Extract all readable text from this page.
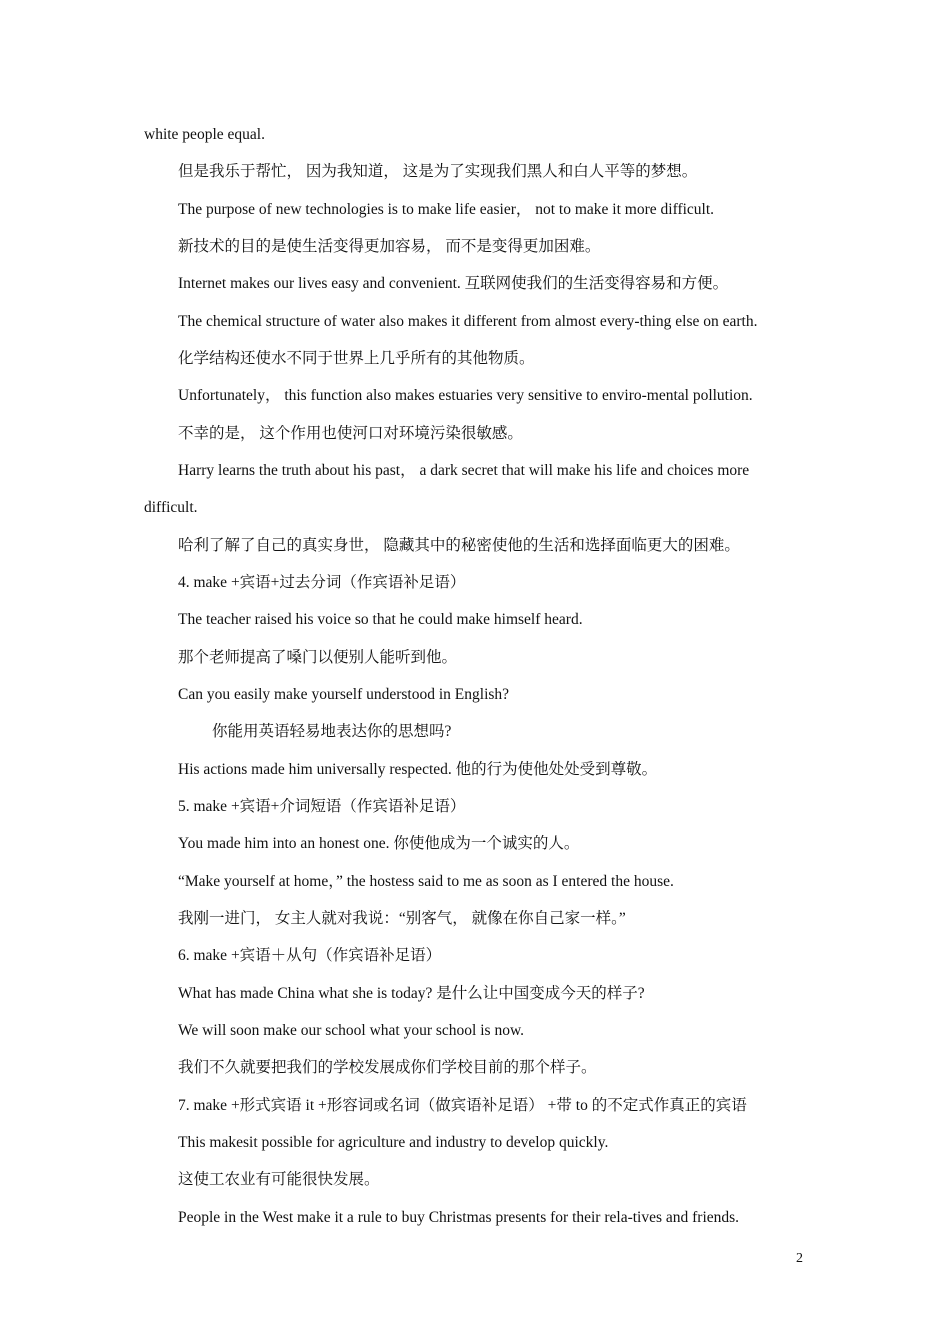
white people equal.
但是我乐于帮忙， 因为我知道， 这是为了实现我们黑人和白人平等的梦想。
The purpose of new technologies is to make life easier， not to make it more difficult.
新技术的目的是使生活变得更加容易， 而不是变得更加困难。
Internet makes our lives easy and convenient. 互联网使我们的生活变得容易和方便。
The chemical structure of water also makes it different from almost every-thing else on earth.
化学结构还使水不同于世界上几乎所有的其他物质。
Unfortunately， this function also makes estuaries very sensitive to enviro-mental pollution.
不幸的是， 这个作用也使河口对环境污染很敏感。
Harry learns the truth about his past， a dark secret that will make his life and choices more
difficult.
哈利了解了自己的真实身世， 隐藏其中的秘密使他的生活和选择面临更大的困难。
4. make +宾语+过去分词（作宾语补足语）
The teacher raised his voice so that he could make himself heard.
那个老师提高了嗓门以便别人能听到他。
Can you easily make yourself understood in English?
你能用英语轻易地表达你的思想吗?
His actions made him universally respected. 他的行为使他处处受到尊敬。
5. make +宾语+介词短语（作宾语补足语）
You made him into an honest one. 你使他成为一个诚实的人。
“Make yourself at home，” the hostess said to me as soon as I entered the house.
我刚一进门， 女主人就对我说：“别客气， 就像在你自己家一样。”
6. make +宾语＋从句（作宾语补足语）
What has made China what she is today? 是什么让中国变成今天的样子?
We will soon make our school what your school is now.
我们不久就要把我们的学校发展成你们学校目前的那个样子。
7. make +形式宾语 it +形容词或名词（做宾语补足语） +带 to 的不定式作真正的宾语
This makesit possible for agriculture and industry to develop quickly.
这使工农业有可能很快发展。
People in the West make it a rule to buy Christmas presents for their rela-tives and friends.
2
